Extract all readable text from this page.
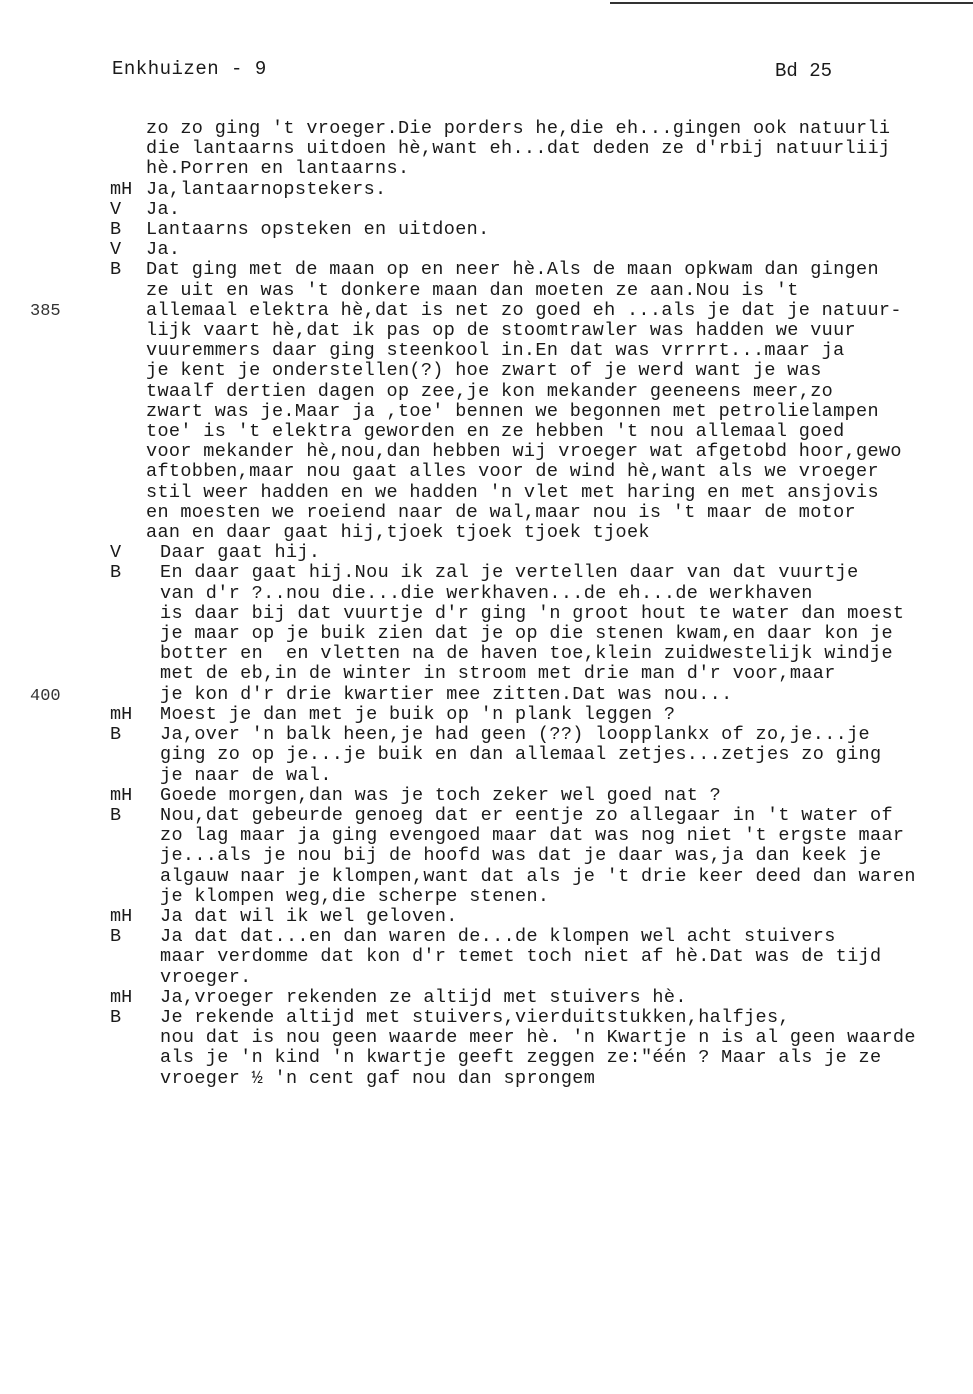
Enkhuizen - 9	Bd 25
385
400
zo zo ging 't vroeger.Die porders he,die eh...gingen ook natuurli
die lantaarns uitdoen hè,want eh...dat deden ze d'rbij natuurliij
hè.Porren en lantaarns.
mH Ja,lantaarnopstekers.
V	Ja.
B	Lantaarns opsteken en uitdoen.
V	Ja.
B	Dat ging met de maan op en neer hè.Als de maan opkwam dan gingen
ze uit en was 't donkere maan dan moeten ze aan.Nou is 't
allemaal elektra hè,dat is net zo goed eh ...als je dat je natuur-
lijk vaart hè,dat ik pas op de stoomtrawler was hadden we vuur
vuuremmers daar ging steenkool in.En dat was vrrrrt...maar ja
je kent je onderstellen(?) hoe zwart of je werd want je was
twaalf dertien dagen op zee,je kon mekander geeneens meer,zo
zwart was je.Maar ja ,toe' bennen we begonnen met petrolielampen
toe' is 't elektra geworden en ze hebben 't nou allemaal goed
voor mekander hè,nou,dan hebben wij vroeger wat afgetobd hoor,gewo
aftobben,maar nou gaat alles voor de wind hè,want als we vroeger
stil weer hadden en we hadden 'n vlet met haring en met ansjovis
en moesten we roeiend naar de wal,maar nou is 't maar de motor
aan en daar gaat hij,tjoek tjoek tjoek tjoek
V	Daar gaat hij.
B	En daar gaat hij.Nou ik zal je vertellen daar van dat vuurtje
van d'r ?..nou die...die werkhaven...de eh...de werkhaven
is daar bij dat vuurtje d'r ging 'n groot hout te water dan moest
je maar op je buik zien dat je op die stenen kwam,en daar kon je
botter en  en vletten na de haven toe,klein zuidwestelijk windje
met de eb,in de winter in stroom met drie man d'r voor,maar
je kon d'r drie kwartier mee zitten.Dat was nou...
mH	Moest je dan met je buik op 'n plank leggen ?
B	Ja,over 'n balk heen,je had geen (??) loopplankx of zo,je...je
ging zo op je...je buik en dan allemaal zetjes...zetjes zo ging
je naar de wal.
mH	Goede morgen,dan was je toch zeker wel goed nat ?
B	Nou,dat gebeurde genoeg dat er eentje zo allegaar in 't water of
zo lag maar ja ging evengoed maar dat was nog niet 't ergste maar
je...als je nou bij de hoofd was dat je daar was,ja dan keek je
algauw naar je klompen,want dat als je 't drie keer deed dan waren
je klompen weg,die scherpe stenen.
mH	Ja dat wil ik wel geloven.
B	Ja dat dat...en dan waren de...de klompen wel acht stuivers
maar verdomme dat kon d'r temet toch niet af hè.Dat was de tijd
vroeger.
mH	Ja,vroeger rekenden ze altijd met stuivers hè.
B	Je rekende altijd met stuivers,vierduitstukken,halfjes,
nou dat is nou geen waarde meer hè. 'n Kwartje n is al geen waarde
als je 'n kind 'n kwartje geeft zeggen ze:"één ? Maar als je ze
vroeger ½ 'n cent gaf nou dan sprongem
